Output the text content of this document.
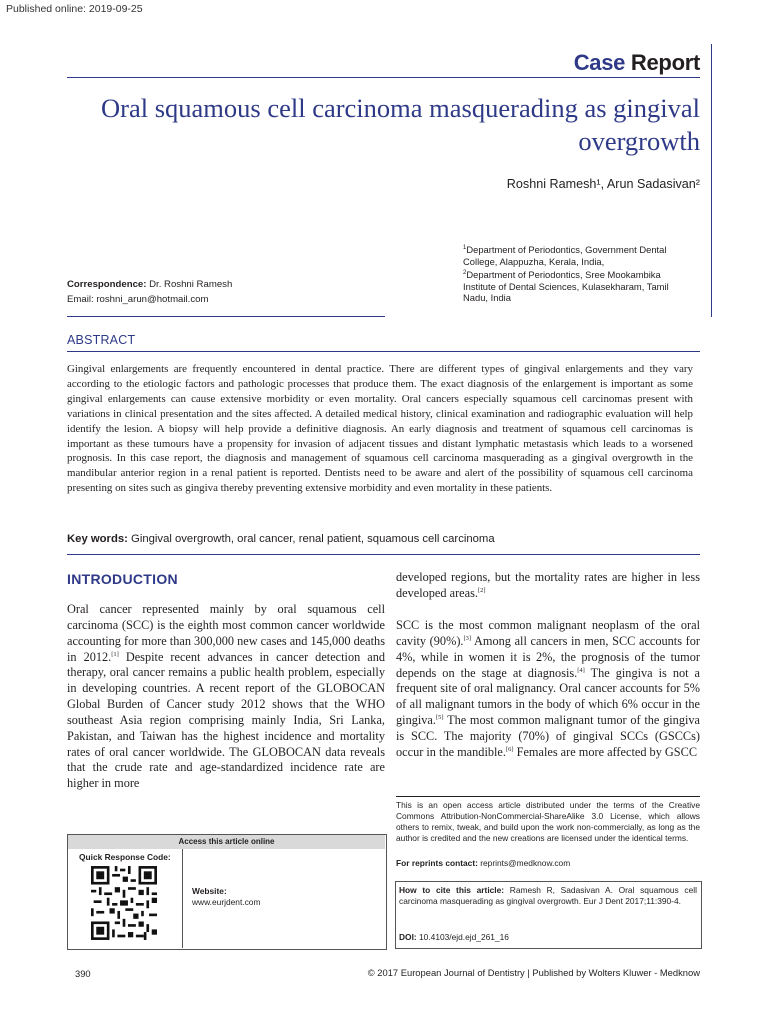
Published online: 2019-09-25
Case Report
Oral squamous cell carcinoma masquerading as gingival overgrowth
Roshni Ramesh¹, Arun Sadasivan²
$^1$Department of Periodontics, Government Dental College, Alappuzha, Kerala, India,
$^2$Department of Periodontics, Sree Mookambika Institute of Dental Sciences, Kulasekharam, Tamil Nadu, India
Correspondence: Dr. Roshni Ramesh
Email: roshni_arun@hotmail.com
ABSTRACT
Gingival enlargements are frequently encountered in dental practice. There are different types of gingival enlargements and they vary according to the etiologic factors and pathologic processes that produce them. The exact diagnosis of the enlargement is important as some gingival enlargements can cause extensive morbidity or even mortality. Oral cancers especially squamous cell carcinomas present with variations in clinical presentation and the sites affected. A detailed medical history, clinical examination and radiographic evaluation will help identify the lesion. A biopsy will help provide a definitive diagnosis. An early diagnosis and treatment of squamous cell carcinomas is important as these tumours have a propensity for invasion of adjacent tissues and distant lymphatic metastasis which leads to a worsened prognosis. In this case report, the diagnosis and management of squamous cell carcinoma masquerading as a gingival overgrowth in the mandibular anterior region in a renal patient is reported. Dentists need to be aware and alert of the possibility of squamous cell carcinoma presenting on sites such as gingiva thereby preventing extensive morbidity and even mortality in these patients.
Key words: Gingival overgrowth, oral cancer, renal patient, squamous cell carcinoma
INTRODUCTION
Oral cancer represented mainly by oral squamous cell carcinoma (SCC) is the eighth most common cancer worldwide accounting for more than 300,000 new cases and 145,000 deaths in 2012.[1] Despite recent advances in cancer detection and therapy, oral cancer remains a public health problem, especially in developing countries. A recent report of the GLOBOCAN Global Burden of Cancer study 2012 shows that the WHO southeast Asia region comprising mainly India, Sri Lanka, Pakistan, and Taiwan has the highest incidence and mortality rates of oral cancer worldwide. The GLOBOCAN data reveals that the crude rate and age-standardized incidence rate are higher in more
developed regions, but the mortality rates are higher in less developed areas.[2]
SCC is the most common malignant neoplasm of the oral cavity (90%).[3] Among all cancers in men, SCC accounts for 4%, while in women it is 2%, the prognosis of the tumor depends on the stage at diagnosis.[4] The gingiva is not a frequent site of oral malignancy. Oral cancer accounts for 5% of all malignant tumors in the body of which 6% occur in the gingiva.[5] The most common malignant tumor of the gingiva is SCC. The majority (70%) of gingival SCCs (GSCCs) occur in the mandible.[6] Females are more affected by GSCC
This is an open access article distributed under the terms of the Creative Commons Attribution-NonCommercial-ShareAlike 3.0 License, which allows others to remix, tweak, and build upon the work non-commercially, as long as the author is credited and the new creations are licensed under the identical terms.
For reprints contact: reprints@medknow.com
How to cite this article: Ramesh R, Sadasivan A. Oral squamous cell carcinoma masquerading as gingival overgrowth. Eur J Dent 2017;11:390-4.
DOI: 10.4103/ejd.ejd_261_16
Access this article online
Quick Response Code:
Website:
www.eurjdent.com
390	© 2017 European Journal of Dentistry | Published by Wolters Kluwer - Medknow
